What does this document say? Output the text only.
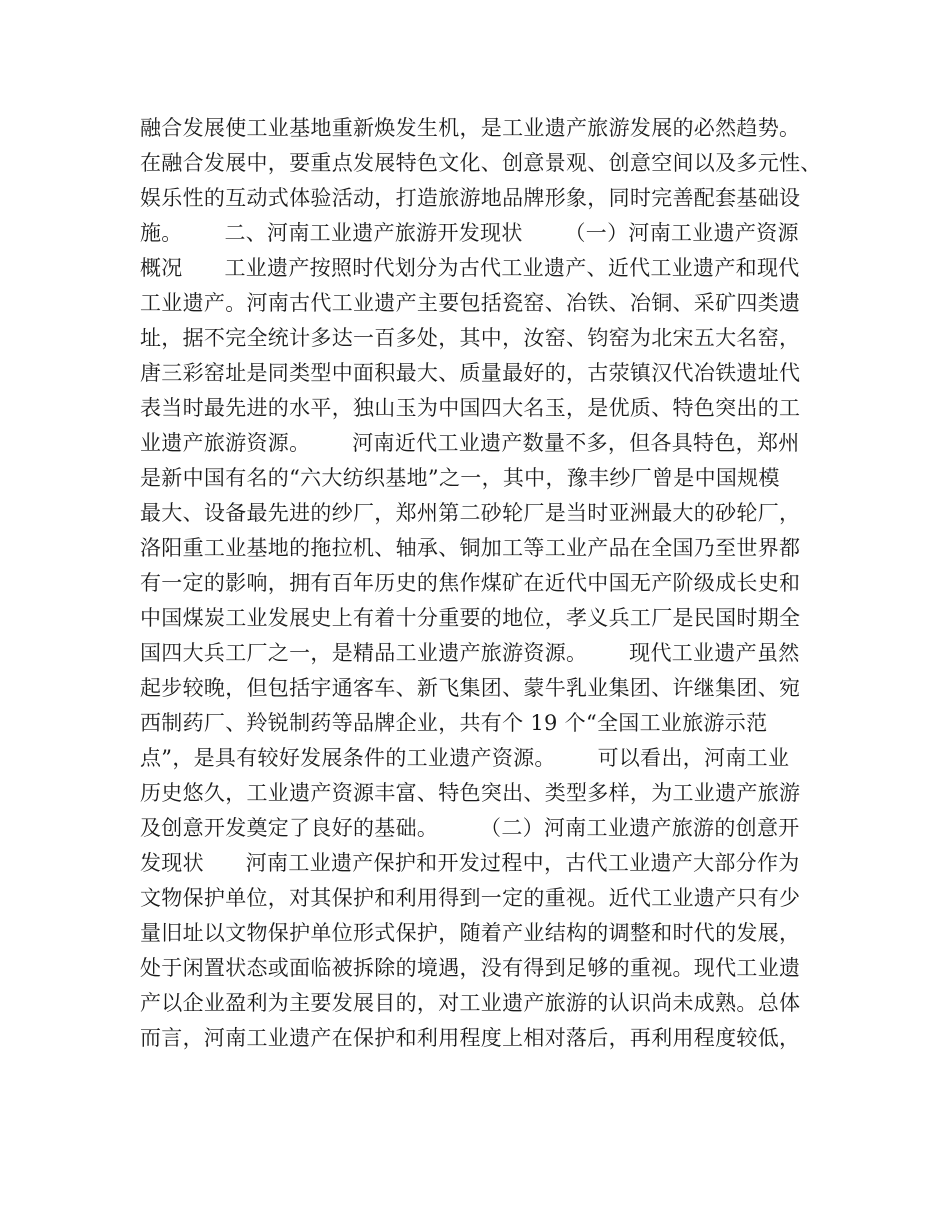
融合发展使工业基地重新焕发生机，是工业遗产旅游发展的必然趋势。
在融合发展中，要重点发展特色文化、创意景观、创意空间以及多元性、
娱乐性的互动式体验活动，打造旅游地品牌形象，同时完善配套基础设
施。      二、河南工业遗产旅游开发现状      （一）河南工业遗产资源
概况      工业遗产按照时代划分为古代工业遗产、近代工业遗产和现代
工业遗产。河南古代工业遗产主要包括瓷窑、冶铁、冶铜、采矿四类遗
址，据不完全统计多达一百多处，其中，汝窑、钧窑为北宋五大名窑，
唐三彩窑址是同类型中面积最大、质量最好的，古荥镇汉代冶铁遗址代
表当时最先进的水平，独山玉为中国四大名玉，是优质、特色突出的工
业遗产旅游资源。      河南近代工业遗产数量不多，但各具特色，郑州
是新中国有名的“六大纺织基地”之一，其中，豫丰纱厂曾是中国规模
最大、设备最先进的纱厂，郑州第二砂轮厂是当时亚洲最大的砂轮厂，
洛阳重工业基地的拖拉机、轴承、铜加工等工业产品在全国乃至世界都
有一定的影响，拥有百年历史的焦作煤矿在近代中国无产阶级成长史和
中国煤炭工业发展史上有着十分重要的地位，孝义兵工厂是民国时期全
国四大兵工厂之一，是精品工业遗产旅游资源。      现代工业遗产虽然
起步较晚，但包括宇通客车、新飞集团、蒙牛乳业集团、许继集团、宛
西制药厂、羚锐制药等品牌企业，共有个 19 个“全国工业旅游示范
点”，是具有较好发展条件的工业遗产资源。      可以看出，河南工业
历史悠久，工业遗产资源丰富、特色突出、类型多样，为工业遗产旅游
及创意开发奠定了良好的基础。      （二）河南工业遗产旅游的创意开
发现状      河南工业遗产保护和开发过程中，古代工业遗产大部分作为
文物保护单位，对其保护和利用得到一定的重视。近代工业遗产只有少
量旧址以文物保护单位形式保护，随着产业结构的调整和时代的发展，
处于闲置状态或面临被拆除的境遇，没有得到足够的重视。现代工业遗
产以企业盈利为主要发展目的，对工业遗产旅游的认识尚未成熟。总体
而言，河南工业遗产在保护和利用程度上相对落后，再利用程度较低，
